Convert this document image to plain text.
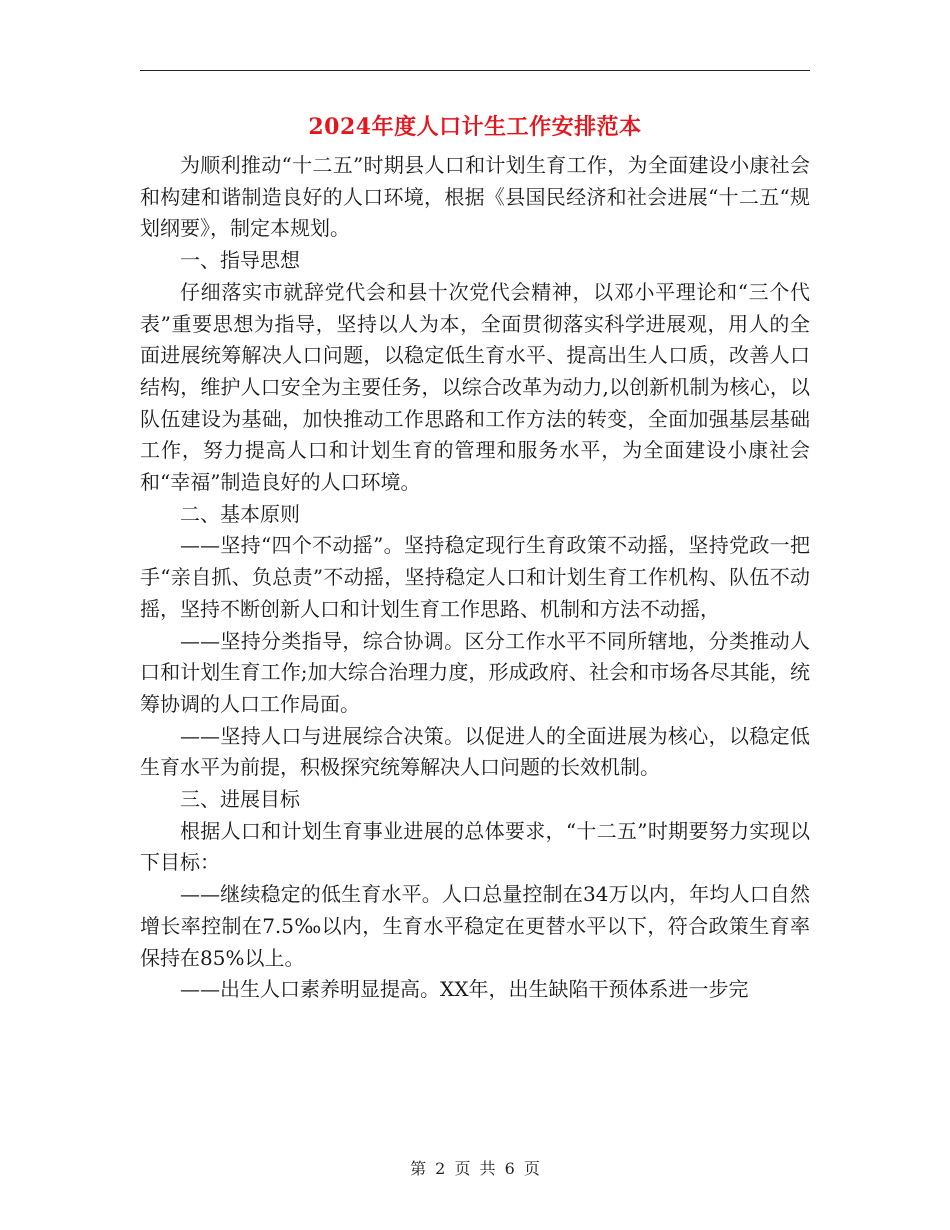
2024年度人口计生工作安排范本

为顺利推动“十二五”时期县人口和计划生育工作，为全面建设小康社会和构建和谐制造良好的人口环境，根据《县国民经济和社会进展“十二五“规划纲要》，制定本规划。

一、指导思想

仔细落实市就辞党代会和县十次党代会精神，以邓小平理论和“三个代表”重要思想为指导，坚持以人为本，全面贯彻落实科学进展观，用人的全面进展统筹解决人口问题，以稳定低生育水平、提高出生人口质，改善人口结构，维护人口安全为主要任务，以综合改革为动力,以创新机制为核心，以队伍建设为基础，加快推动工作思路和工作方法的转变，全面加强基层基础工作，努力提高人口和计划生育的管理和服务水平，为全面建设小康社会和“幸福”制造良好的人口环境。

二、基本原则

——坚持“四个不动摇”。坚持稳定现行生育政策不动摇，坚持党政一把手“亲自抓、负总责”不动摇，坚持稳定人口和计划生育工作机构、队伍不动摇，坚持不断创新人口和计划生育工作思路、机制和方法不动摇，

——坚持分类指导，综合协调。区分工作水平不同所辖地，分类推动人口和计划生育工作;加大综合治理力度，形成政府、社会和市场各尽其能，统筹协调的人口工作局面。

——坚持人口与进展综合决策。以促进人的全面进展为核心，以稳定低生育水平为前提，积极探究统筹解决人口问题的长效机制。

三、进展目标

根据人口和计划生育事业进展的总体要求，“十二五”时期要努力实现以下目标：

——继续稳定的低生育水平。人口总量控制在34万以内，年均人口自然增长率控制在7.5‰以内，生育水平稳定在更替水平以下，符合政策生育率保持在85%以上。

——出生人口素养明显提高。XX年，出生缺陷干预体系进一步完

第 2 页 共 6 页
